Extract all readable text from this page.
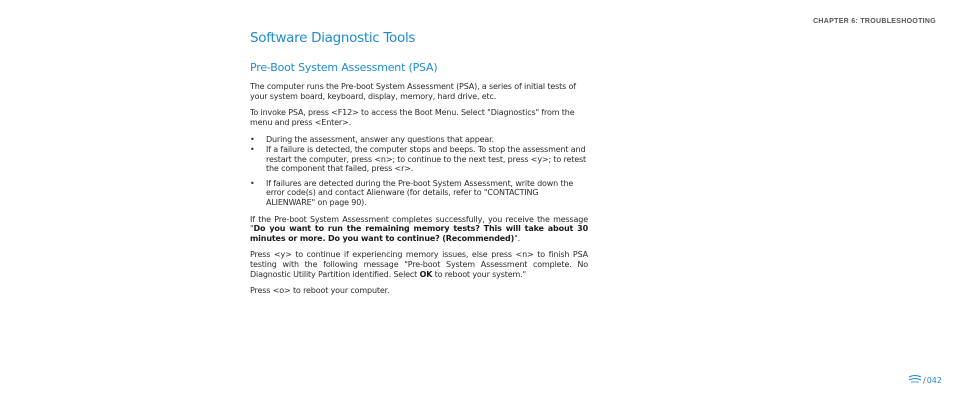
CHAPTER 6: TROUBLESHOOTING
Software Diagnostic Tools
Pre-Boot System Assessment (PSA)

The computer runs the Pre-boot System Assessment (PSA), a series of initial tests of your system board, keyboard, display, memory, hard drive, etc.

To invoke PSA, press <F12> to access the Boot Menu. Select "Diagnostics" from the menu and press <Enter>.

• During the assessment, answer any questions that appear.
• If a failure is detected, the computer stops and beeps. To stop the assessment and restart the computer, press <n>; to continue to the next test, press <y>; to retest the component that failed, press <r>.
• If failures are detected during the Pre-boot System Assessment, write down the error code(s) and contact Alienware (for details, refer to "CONTACTING ALIENWARE" on page 90).

If the Pre-boot System Assessment completes successfully, you receive the message "Do you want to run the remaining memory tests? This will take about 30 minutes or more. Do you want to continue? (Recommended)".

Press <y> to continue if experiencing memory issues, else press <n> to finish PSA testing with the following message "Pre-boot System Assessment complete. No Diagnostic Utility Partition identified. Select OK to reboot your system."

Press <o> to reboot your computer.

/ 042
